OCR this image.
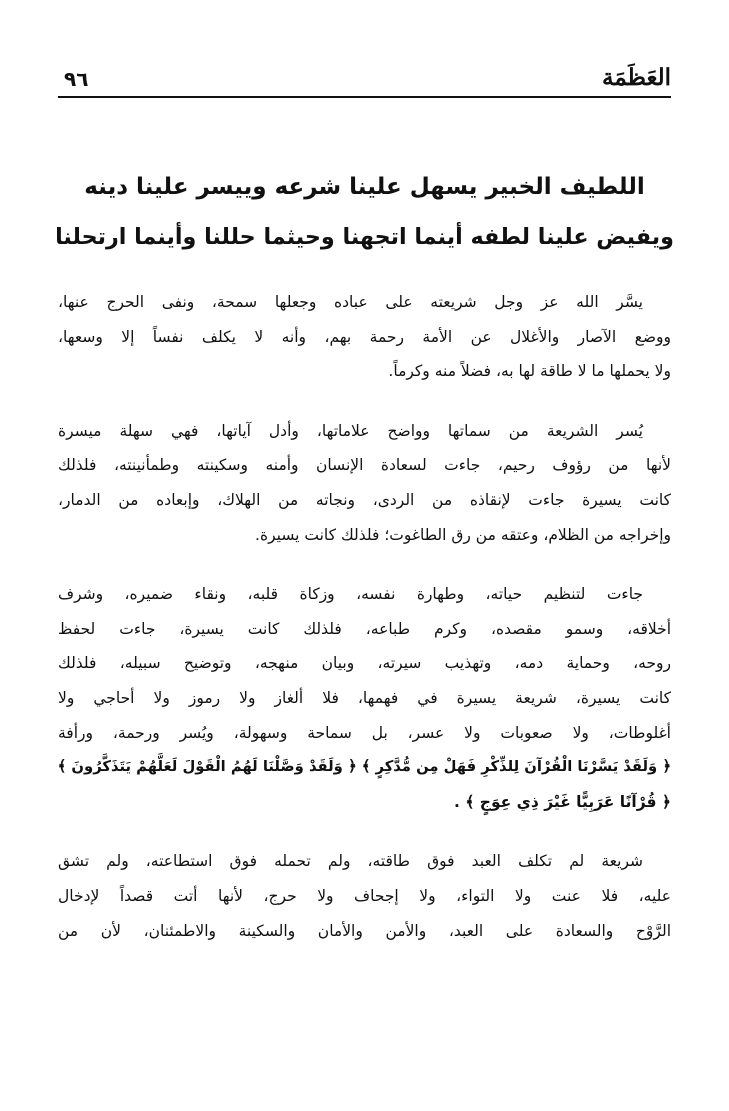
العَظَمَة
٩٦
اللطيف الخبير يسهل علينا شرعه وييسر علينا دينه
ويفيض علينا لطفه أينما اتجهنا وحيثما حللنا وأينما ارتحلنا
يسَّر الله عز وجل شريعته على عباده وجعلها سمحة، ونفى الحرج عنها،
ووضع الآصار والأغلال عن الأمة رحمة بهم، وأنه لا يكلف نفساً إلا وسعها،
ولا يحملها ما لا طاقة لها به، فضلاً منه وكرماً.
يُسر الشريعة من سماتها وواضح علاماتها، وأدل آياتها، فهي سهلة ميسرة
لأنها من رؤوف رحيم، جاءت لسعادة الإنسان وأمنه وسكينته وطمأنينته، فلذلك
كانت يسيرة جاءت لإنقاذه من الردى، ونجاته من الهلاك، وإبعاده من الدمار،
وإخراجه من الظلام، وعتقه من رق الطاغوت؛ فلذلك كانت يسيرة.
جاءت لتنظيم حياته، وطهارة نفسه، وزكاة قلبه، ونقاء ضميره، وشرف
أخلاقه، وسمو مقصده، وكرم طباعه، فلذلك كانت يسيرة، جاءت لحفظ
روحه، وحماية دمه، وتهذيب سيرته، وبيان منهجه، وتوضيح سبيله، فلذلك
كانت يسيرة، شريعة يسيرة في فهمها، فلا ألغاز ولا رموز ولا أحاجي ولا
أغلوطات، ولا صعوبات ولا عسر، بل سماحة وسهولة، ويُسر ورحمة، ورأفة
﴿ وَلَقَدْ يَسَّرْنَا الْقُرْآنَ لِلذِّكْرِ فَهَلْ مِن مُّدَّكِرٍ ﴾ ﴿ وَلَقَدْ وَصَّلْنَا لَهُمُ الْقَوْلَ لَعَلَّهُمْ يَتَذَكَّرُونَ ﴾
﴿ قُرْآنًا عَرَبِيًّا غَيْرَ ذِي عِوَجٍ ﴾ .
شريعة لم تكلف العبد فوق طاقته، ولم تحمله فوق استطاعته، ولم تشق
عليه، فلا عنت ولا التواء، ولا إجحاف ولا حرج، لأنها أتت قصداً لإدخال
الرَّوْح والسعادة على العبد، والأمن والأمان والسكينة والاطمئنان، لأن من
